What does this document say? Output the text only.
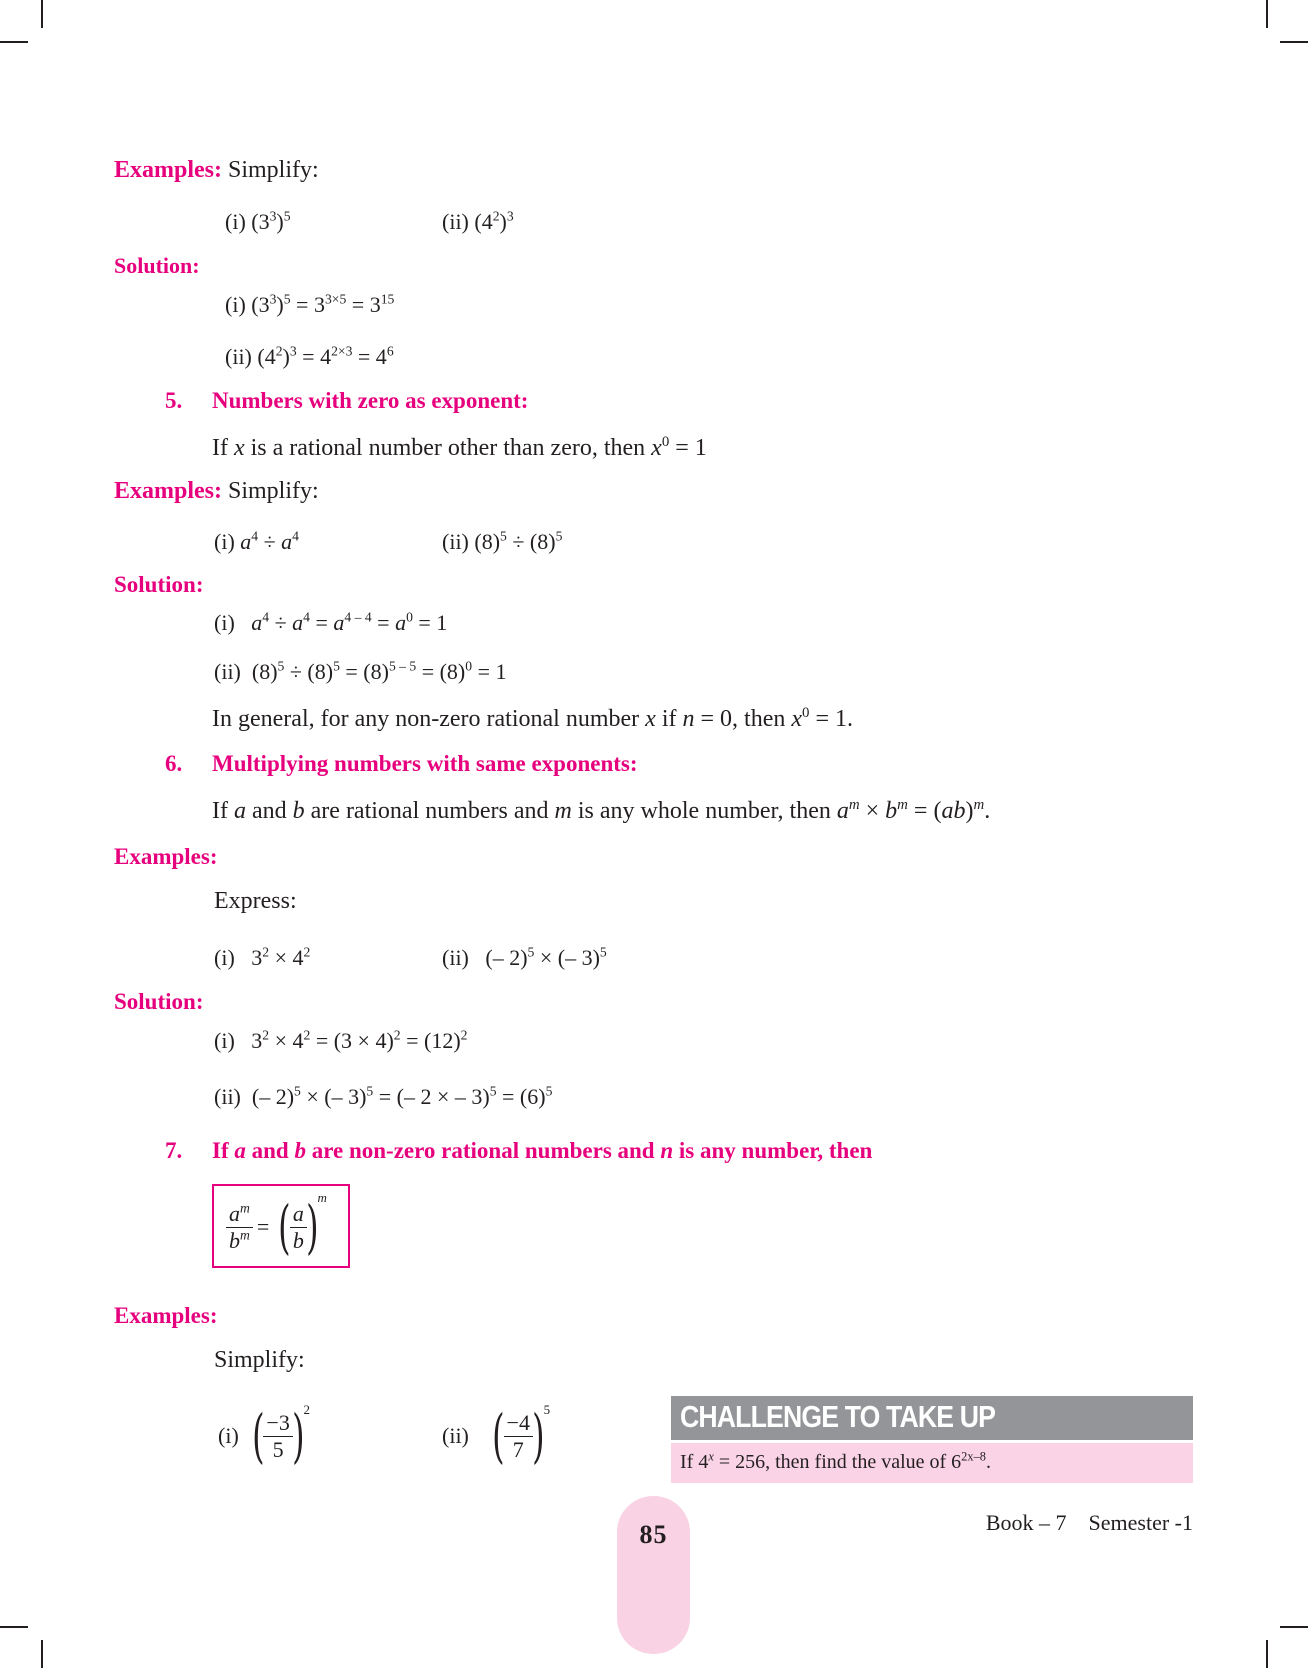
Examples: Simplify:
(i) $(3^3)^5$	(ii) $(4^2)^3$
Solution:
(i) $(3^3)^5 = 3^{3\times 5} = 3^{15}$
(ii) $(4^2)^3 = 4^{2\times 3} = 4^6$
5. Numbers with zero as exponent:
If x is a rational number other than zero, then $x^0 = 1$
Examples: Simplify:
(i) $a^4 \div a^4$	(ii) $(8)^5 \div (8)^5$
Solution:
(i)   $a^4 \div a^4 = a^{4 - 4} = a^0 = 1$
(ii)  $(8)^5 \div (8)^5 = (8)^{5 - 5} = (8)^0 = 1$
In general, for any non-zero rational number x if n = 0, then $x^0 = 1$.
6. Multiplying numbers with same exponents:
If a and b are rational numbers and m is any whole number, then $a^m \times b^m = (ab)^m$.
Examples:
Express:
(i)   $3^2 \times 4^2$	(ii)   (– 2)$^5$ × (– 3)$^5$
Solution:
(i)   $3^2 \times 4^2 = (3 \times 4)^2 = (12)^2$
(ii)  (– 2)$^5$ × (– 3)$^5$ = (– 2 × – $3)^5 = (6)^5$
7. If a and b are non-zero rational numbers and n is any number, then
$\frac{a^m}{b^m}$ = ( $\frac{a}{b}$ ) m
Examples:
Simplify:
(i) ( $\frac{-3}{5}$ ) 2
(ii) ( $\frac{-4}{7}$ ) 5	CHALLENGE TO TAKE UP
If $4^x = 256$, then find the value of $6^{2x-8}$.
85	Book – 7    Semester -1
